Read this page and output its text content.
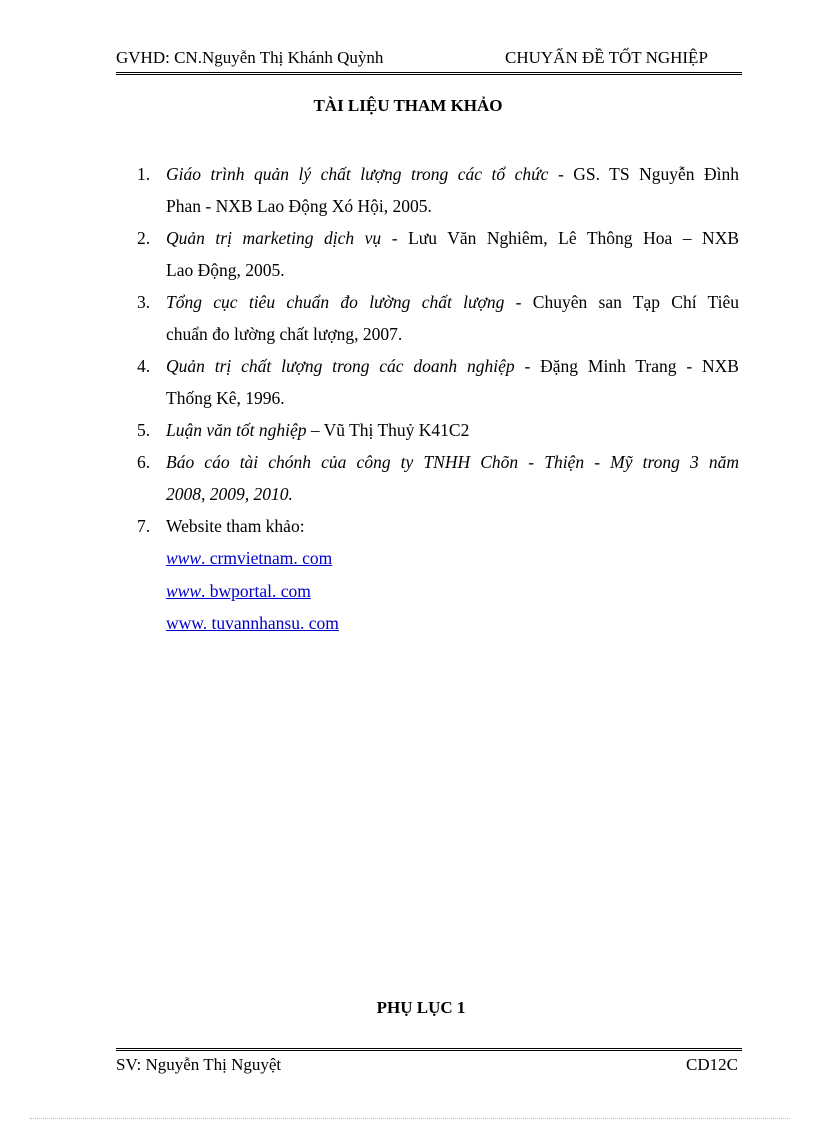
GVHD: CN.Nguyễn Thị Khánh Quỳnh	CHUYẤN ĐỀ TỐT NGHIỆP
TÀI LIỆU THAM KHẢO
1. Giáo trình quản lý chất lượng trong các tổ chức - GS. TS Nguyễn Đình
Phan - NXB Lao Động Xó Hội, 2005.
2. Quản trị marketing dịch vụ - Lưu Văn Nghiêm, Lê Thông Hoa – NXB
Lao Động, 2005.
3. Tổng cục tiêu chuẩn đo lường chất lượng - Chuyên san Tạp Chí Tiêu
chuẩn đo lường chất lượng, 2007.
4. Quản trị chất lượng trong các doanh nghiệp - Đặng Minh Trang - NXB
Thống Kê, 1996.
5. Luận văn tốt nghiệp – Vũ Thị Thuỷ K41C2
6. Báo cáo tài chónh của công ty TNHH Chõn - Thiện - Mỹ trong 3 năm
2008, 2009, 2010.
7. Website tham khảo:
www. crmvietnam. com
www. bwportal. com
www. tuvannhansu. com
PHỤ LỤC 1
SV: Nguyễn Thị Nguyệt	CD12C
